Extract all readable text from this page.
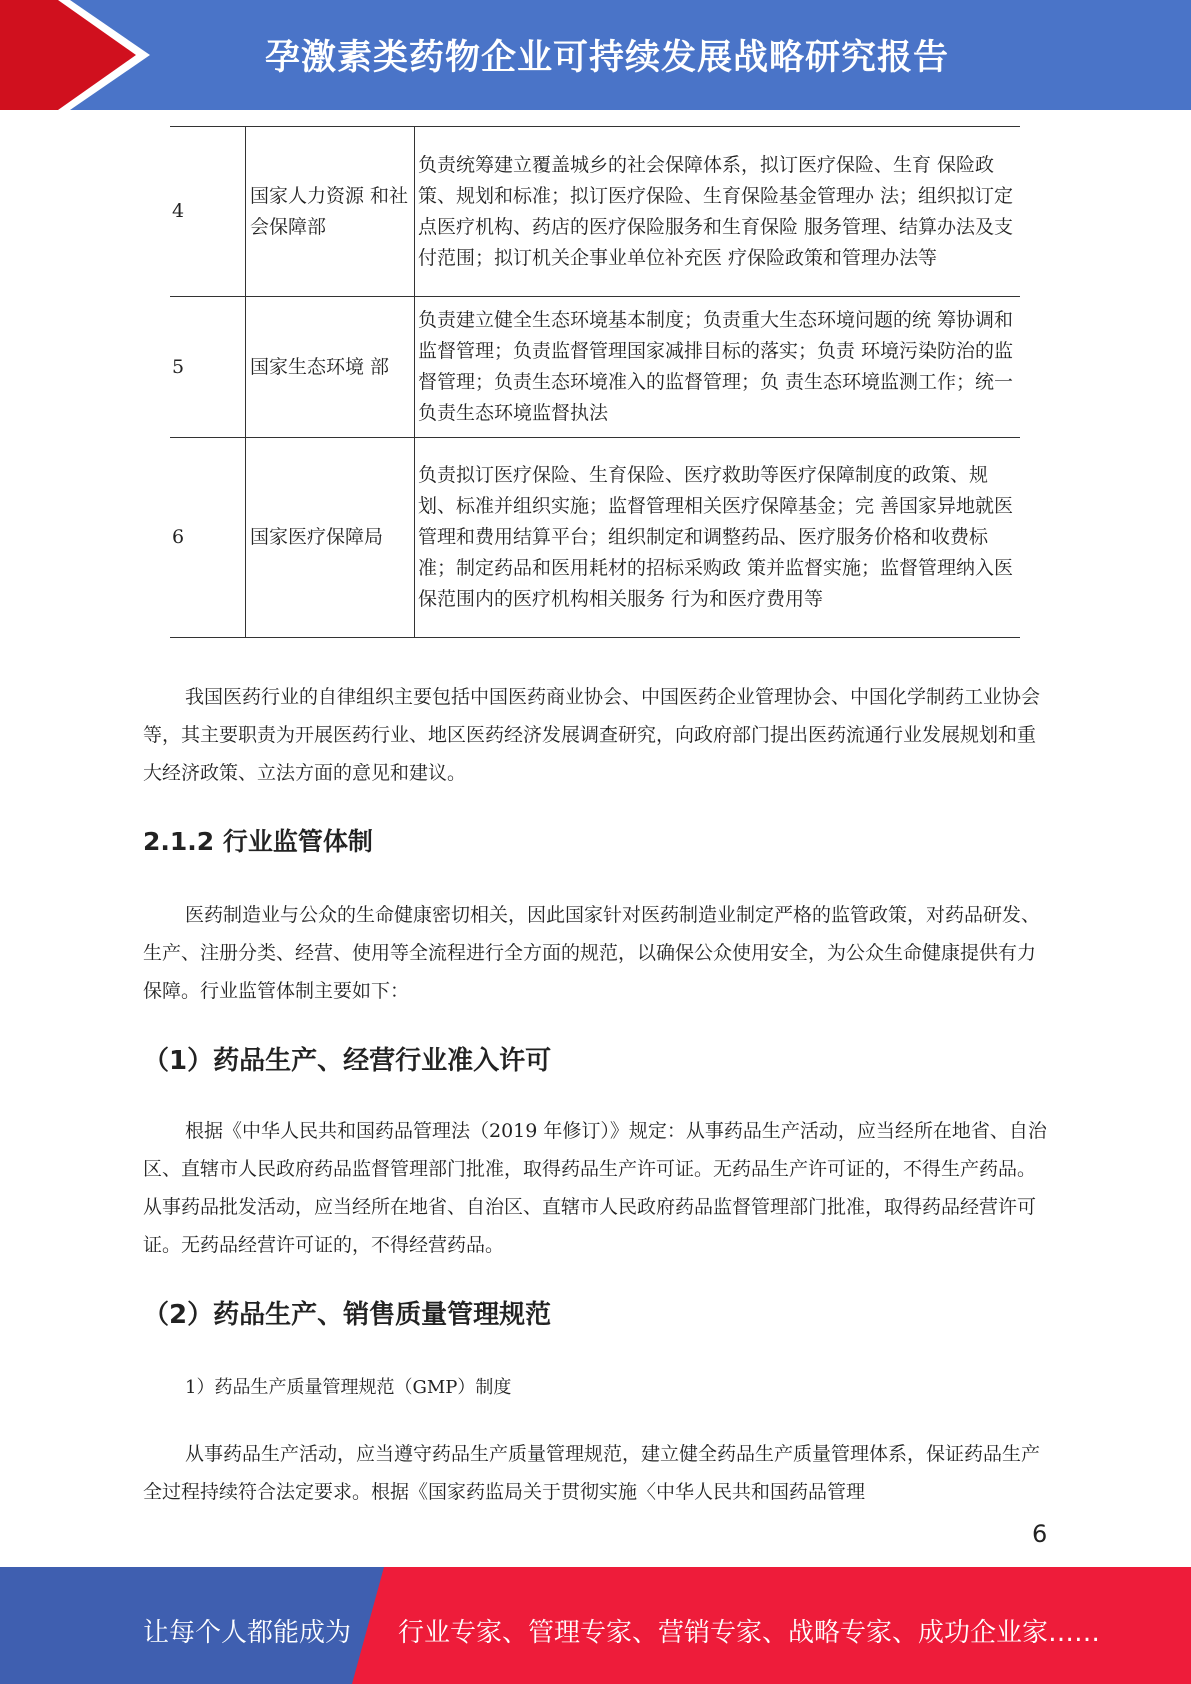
孕激素类药物企业可持续发展战略研究报告
4	国家人力资源 和社会保障部	负责统筹建立覆盖城乡的社会保障体系，拟订医疗保险、生育 保险政策、规划和标准；拟订医疗保险、生育保险基金管理办 法；组织拟订定点医疗机构、药店的医疗保险服务和生育保险 服务管理、结算办法及支付范围；拟订机关企事业单位补充医 疗保险政策和管理办法等
5	国家生态环境 部	负责建立健全生态环境基本制度；负责重大生态环境问题的统 筹协调和监督管理；负责监督管理国家减排目标的落实；负责 环境污染防治的监督管理；负责生态环境准入的监督管理；负 责生态环境监测工作；统一负责生态环境监督执法
6	国家医疗保障局	负责拟订医疗保险、生育保险、医疗救助等医疗保障制度的政策、规划、标准并组织实施；监督管理相关医疗保障基金；完 善国家异地就医管理和费用结算平台；组织制定和调整药品、医疗服务价格和收费标准；制定药品和医用耗材的招标采购政 策并监督实施；监督管理纳入医保范围内的医疗机构相关服务 行为和医疗费用等

我国医药行业的自律组织主要包括中国医药商业协会、中国医药企业管理协会、中国化学制药工业协会等，其主要职责为开展医药行业、地区医药经济发展调查研究，向政府部门提出医药流通行业发展规划和重大经济政策、立法方面的意见和建议。

2.1.2 行业监管体制

医药制造业与公众的生命健康密切相关，因此国家针对医药制造业制定严格的监管政策，对药品研发、生产、注册分类、经营、使用等全流程进行全方面的规范，以确保公众使用安全，为公众生命健康提供有力保障。行业监管体制主要如下：

（1）药品生产、经营行业准入许可

根据《中华人民共和国药品管理法（2019 年修订）》规定：从事药品生产活动，应当经所在地省、自治区、直辖市人民政府药品监督管理部门批准，取得药品生产许可证。无药品生产许可证的，不得生产药品。从事药品批发活动，应当经所在地省、自治区、直辖市人民政府药品监督管理部门批准，取得药品经营许可证。无药品经营许可证的，不得经营药品。

（2）药品生产、销售质量管理规范

1）药品生产质量管理规范（GMP）制度

从事药品生产活动，应当遵守药品生产质量管理规范，建立健全药品生产质量管理体系，保证药品生产全过程持续符合法定要求。根据《国家药监局关于贯彻实施〈中华人民共和国药品管理

6
让每个人都能成为 行业专家、管理专家、营销专家、战略专家、成功企业家……
